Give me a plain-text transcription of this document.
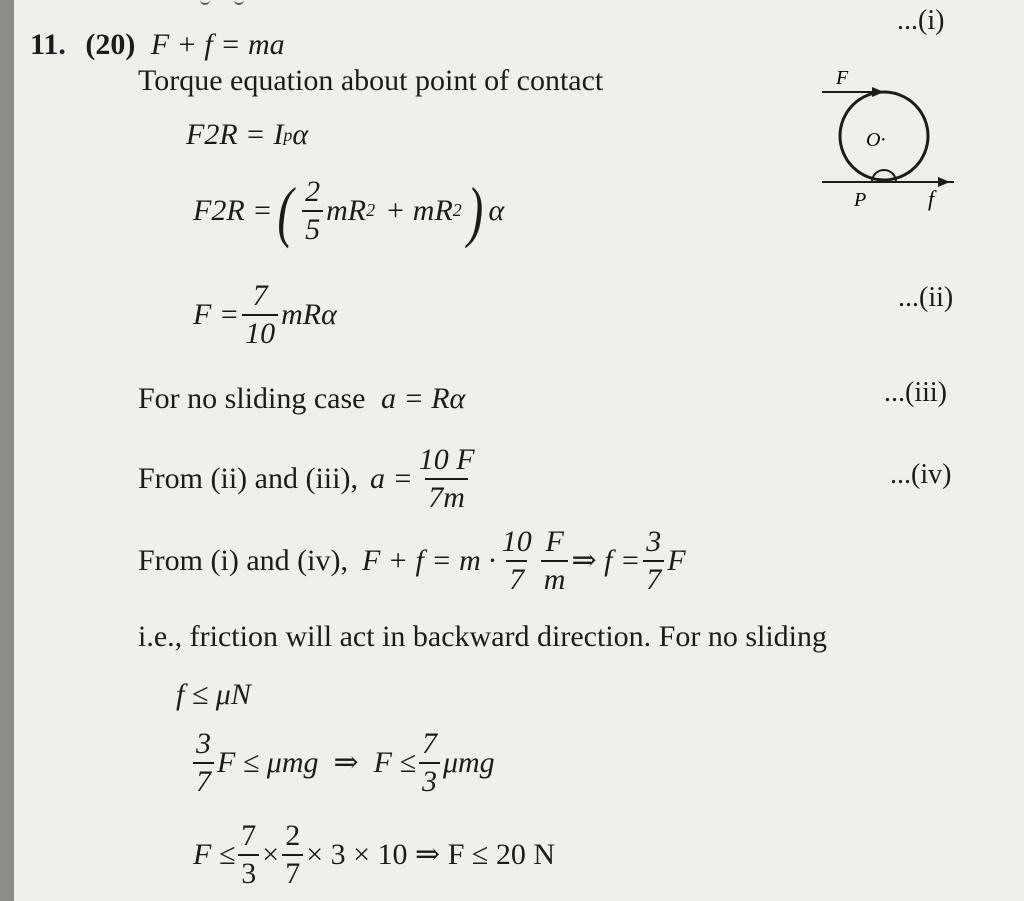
...(i)
...(ii)
...(iii)
...(iv)
11. (20) F + f = ma
Torque equation about point of contact
F2R = I p α
F2R = ( $\frac{2}{5}$ mR 2 + mR 2 ) α
$F = \frac{7}{10}$ mRα
For no sliding case a = Rα
From (ii) and (iii), $a = \frac{10 F}{7m}$
From (i) and (iv), $F + f = m \cdot \frac{10}{7} \frac{F}{m}$ ⇒ $f = \frac{3}{7}$ F
i.e., friction will act in backward direction. For no sliding
f ≤ μN
$\frac{3}{7}$ F ≤ μmg  ⇒  $F \le \frac{7}{3}$ μmg
$F \le \frac{7}{3} \times \frac{2}{7} \times 3 \times 10$ ⇒ F ≤ 20 N
F
O·
P	f
